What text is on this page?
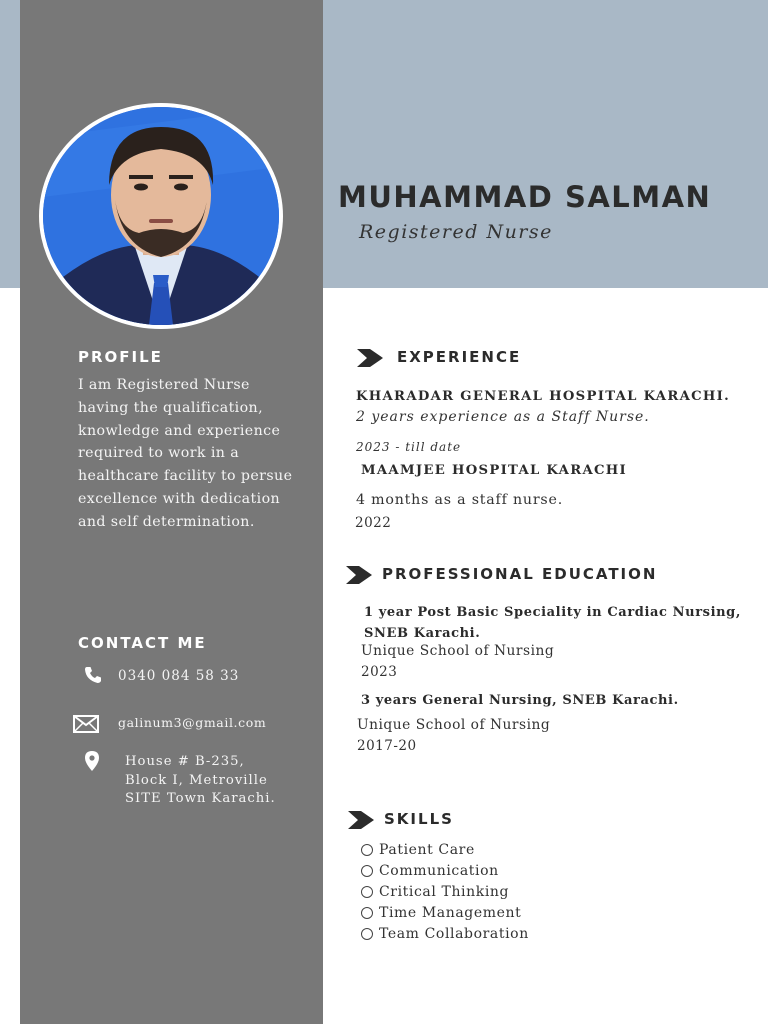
MUHAMMAD SALMAN
Registered Nurse
PROFILE
I am Registered Nurse having the qualification, knowledge and experience required to work in a healthcare facility to persue excellence with dedication and self determination.
CONTACT ME
0340 084 58 33
galinum3@gmail.com
House # B-235,
Block I, Metroville
SITE Town Karachi.
EXPERIENCE
KHARADAR GENERAL HOSPITAL KARACHI.
2 years experience as a Staff Nurse.
2023 - till date
MAAMJEE HOSPITAL KARACHI
4 months as a staff nurse.
2022
PROFESSIONAL EDUCATION
1 year Post Basic Speciality in Cardiac Nursing,
SNEB Karachi.
Unique School of Nursing
2023
3 years General Nursing, SNEB Karachi.
Unique School of Nursing
2017-20
SKILLS
Patient Care
Communication
Critical Thinking
Time Management
Team Collaboration
